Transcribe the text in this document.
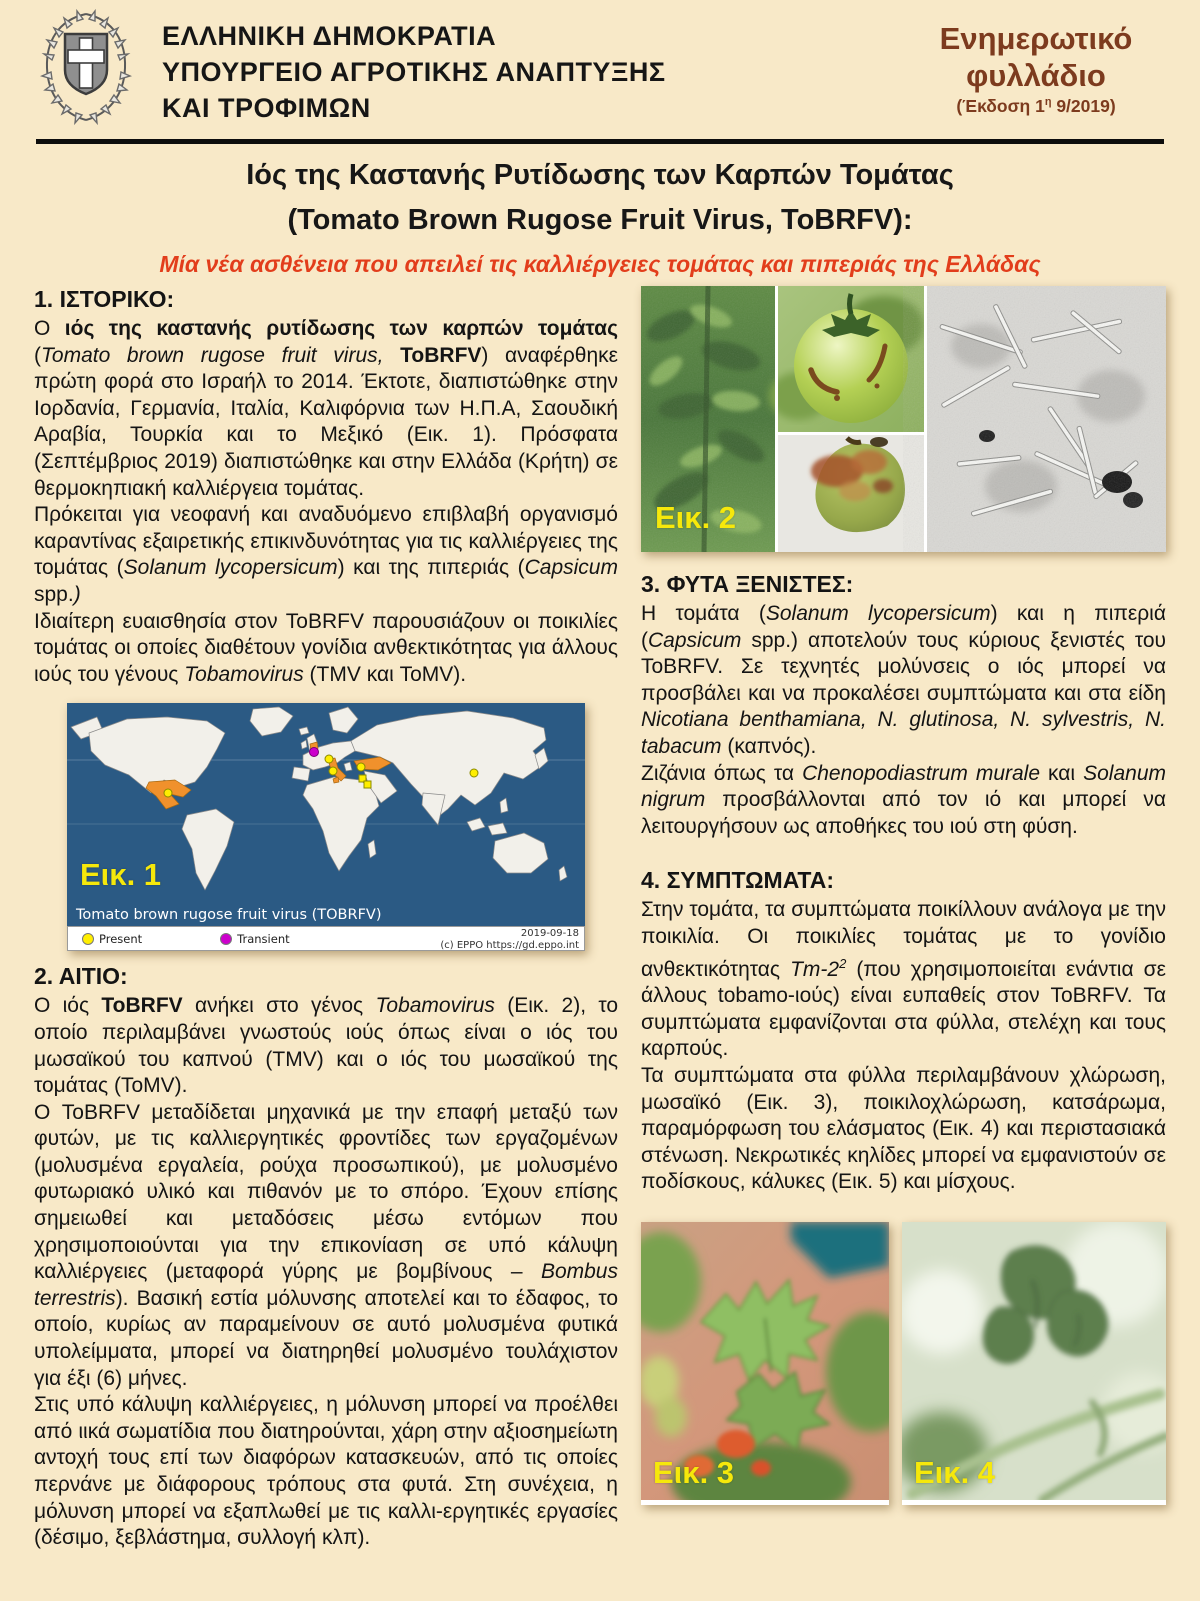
ΕΛΛΗΝΙΚΗ ΔΗΜΟΚΡΑΤΙΑ
ΥΠΟΥΡΓΕΙΟ ΑΓΡΟΤΙΚΗΣ ΑΝΑΠΤΥΞΗΣ
ΚΑΙ ΤΡΟΦΙΜΩΝ
Ενημερωτικό
φυλλάδιο
(Έκδοση $1^\eta$ 9/2019)
Ιός της Καστανής Ρυτίδωσης των Καρπών Τομάτας
(Tomato Brown Rugose Fruit Virus, ToBRFV):
Μία νέα ασθένεια που απειλεί τις καλλιέργειες τομάτας και πιπεριάς της Ελλάδας
1. ΙΣΤΟΡΙΚΟ:

Ο ιός της καστανής ρυτίδωσης των καρπών τομάτας (Tomato brown rugose fruit virus, ToBRFV) αναφέρθηκε πρώτη φορά στο Ισραήλ το 2014. Έκτοτε, διαπιστώθηκε στην Ιορδανία, Γερμανία, Ιταλία, Καλιφόρνια των Η.Π.Α, Σαουδική Αραβία, Τουρκία και το Μεξικό (Εικ. 1). Πρόσφατα (Σεπτέμβριος 2019) διαπιστώθηκε και στην Ελλάδα (Κρήτη) σε θερμοκηπιακή καλλιέργεια τομάτας.

Πρόκειται για νεοφανή και αναδυόμενο επιβλαβή οργανισμό καραντίνας εξαιρετικής επικινδυνότητας για τις καλλιέργειες της τομάτας (Solanum lycopersicum) και της πιπεριάς (Capsicum spp.)

Ιδιαίτερη ευαισθησία στον ToBRFV παρουσιάζουν οι ποικιλίες τομάτας οι οποίες διαθέτουν γονίδια ανθεκτικότητας για άλλους ιούς του γένους Tobamovirus (TMV και ToMV).

Εικ. 1
Tomato brown rugose fruit virus (TOBRFV)
Present	Transient	2019-09-18
(c) EPPO https://gd.eppo.int
2. ΑΙΤΙΟ:

Ο ιός ToBRFV ανήκει στο γένος Tobamovirus (Εικ. 2), το οποίο περιλαμβάνει γνωστούς ιούς όπως είναι ο ιός του μωσαϊκού του καπνού (TMV) και ο ιός του μωσαϊκού της τομάτας (ToMV).

Ο ToBRFV μεταδίδεται μηχανικά με την επαφή μεταξύ των φυτών, με τις καλλιεργητικές φροντίδες των εργαζομένων (μολυσμένα εργαλεία, ρούχα προσωπικού), με μολυσμένο φυτωριακό υλικό και πιθανόν με το σπόρο. Έχουν επίσης σημειωθεί και μεταδόσεις μέσω εντόμων που χρησιμοποιούνται για την επικονίαση σε υπό κάλυψη καλλιέργειες (μεταφορά γύρης με βομβίνους – Bombus terrestris). Βασική εστία μόλυνσης αποτελεί και το έδαφος, το οποίο, κυρίως αν παραμείνουν σε αυτό μολυσμένα φυτικά υπολείμματα, μπορεί να διατηρηθεί μολυσμένο τουλάχιστον για έξι (6) μήνες.

Στις υπό κάλυψη καλλιέργειες, η μόλυνση μπορεί να προέλθει από ιικά σωματίδια που διατηρούνται, χάρη στην αξιοσημείωτη αντοχή τους επί των διαφόρων κατασκευών, από τις οποίες περνάνε με διάφορους τρόπους στα φυτά. Στη συνέχεια, η μόλυνση μπορεί να εξαπλωθεί με τις καλλι-εργητικές εργασίες (δέσιμο, ξεβλάστημα, συλλογή κλπ).

Εικ. 2
3. ΦΥΤΑ ΞΕΝΙΣΤΕΣ:

Η τομάτα (Solanum lycopersicum) και η πιπεριά (Capsicum spp.) αποτελούν τους κύριους ξενιστές του ToBRFV. Σε τεχνητές μολύνσεις ο ιός μπορεί να προσβάλει και να προκαλέσει συμπτώματα και στα είδη Nicotiana benthamiana, N. glutinosa, N. sylvestris, N. tabacum (καπνός).

Ζιζάνια όπως τα Chenopodiastrum murale και Solanum nigrum προσβάλλονται από τον ιό και μπορεί να λειτουργήσουν ως αποθήκες του ιού στη φύση.

4. ΣΥΜΠΤΩΜΑΤΑ:

Στην τομάτα, τα συμπτώματα ποικίλλουν ανάλογα με την ποικιλία. Οι ποικιλίες τομάτας με το γονίδιο ανθεκτικότητας $Tm-2^2$ (που χρησιμοποιείται ενάντια σε άλλους tobamo-ιούς) είναι ευπαθείς στον ToBRFV. Τα συμπτώματα εμφανίζονται στα φύλλα, στελέχη και τους καρπούς.

Τα συμπτώματα στα φύλλα περιλαμβάνουν χλώρωση, μωσαϊκό (Εικ. 3), ποικιλοχλώρωση, κατσάρωμα, παραμόρφωση του ελάσματος (Εικ. 4) και περιστασιακά στένωση. Νεκρωτικές κηλίδες μπορεί να εμφανιστούν σε ποδίσκους, κάλυκες (Εικ. 5) και μίσχους.

Εικ. 3	Εικ. 4
